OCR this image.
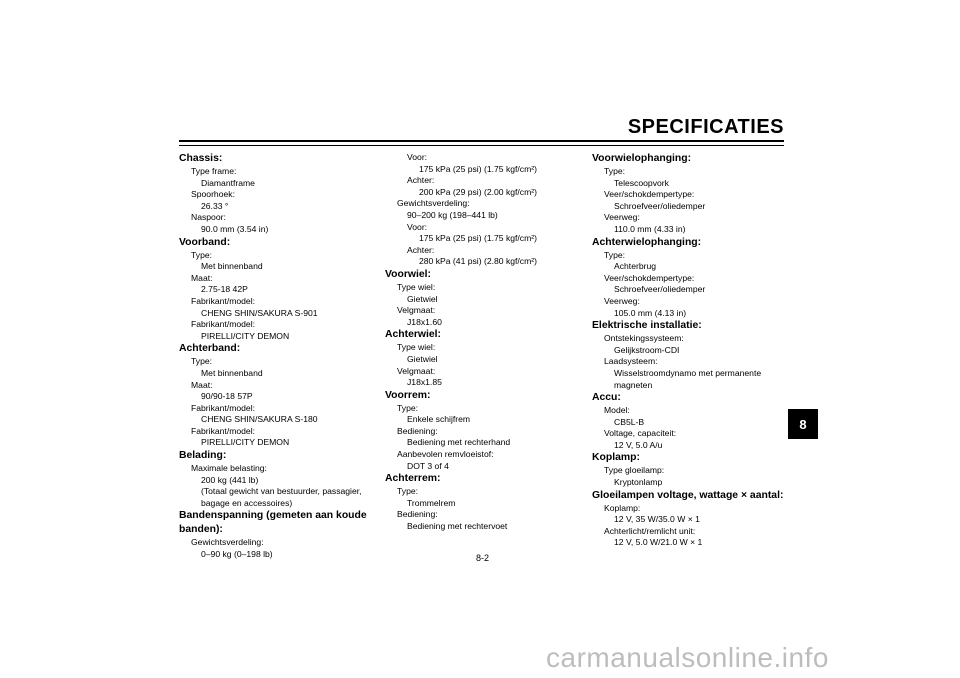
SPECIFICATIES
Chassis:
Type frame:
Diamantframe
Spoorhoek:
26.33 °
Naspoor:
90.0 mm (3.54 in)
Voorband:
Type:
Met binnenband
Maat:
2.75-18 42P
Fabrikant/model:
CHENG SHIN/SAKURA S-901
Fabrikant/model:
PIRELLI/CITY DEMON
Achterband:
Type:
Met binnenband
Maat:
90/90-18 57P
Fabrikant/model:
CHENG SHIN/SAKURA S-180
Fabrikant/model:
PIRELLI/CITY DEMON
Belading:
Maximale belasting:
200 kg (441 lb)
(Totaal gewicht van bestuurder, passagier,
bagage en accessoires)
Bandenspanning (gemeten aan koude
banden):
Gewichtsverdeling:
0–90 kg (0–198 lb)
Voor:
175 kPa (25 psi) (1.75 kgf/cm²)
Achter:
200 kPa (29 psi) (2.00 kgf/cm²)
Gewichtsverdeling:
90–200 kg (198–441 lb)
Voor:
175 kPa (25 psi) (1.75 kgf/cm²)
Achter:
280 kPa (41 psi) (2.80 kgf/cm²)
Voorwiel:
Type wiel:
Gietwiel
Velgmaat:
J18x1.60
Achterwiel:
Type wiel:
Gietwiel
Velgmaat:
J18x1.85
Voorrem:
Type:
Enkele schijfrem
Bediening:
Bediening met rechterhand
Aanbevolen remvloeistof:
DOT 3 of 4
Achterrem:
Type:
Trommelrem
Bediening:
Bediening met rechtervoet
Voorwielophanging:
Type:
Telescoopvork
Veer/schokdempertype:
Schroefveer/oliedemper
Veerweg:
110.0 mm (4.33 in)
Achterwielophanging:
Type:
Achterbrug
Veer/schokdempertype:
Schroefveer/oliedemper
Veerweg:
105.0 mm (4.13 in)
Elektrische installatie:
Ontstekingssysteem:
Gelijkstroom-CDI
Laadsysteem:
Wisselstroomdynamo met permanente
magneten
Accu:
Model:
CB5L-B
Voltage, capaciteit:
12 V, 5.0 A/u
Koplamp:
Type gloeilamp:
Kryptonlamp
Gloeilampen voltage, wattage × aantal:
Koplamp:
12 V, 35 W/35.0 W × 1
Achterlicht/remlicht unit:
12 V, 5.0 W/21.0 W × 1
8
8-2
carmanualsonline.info
